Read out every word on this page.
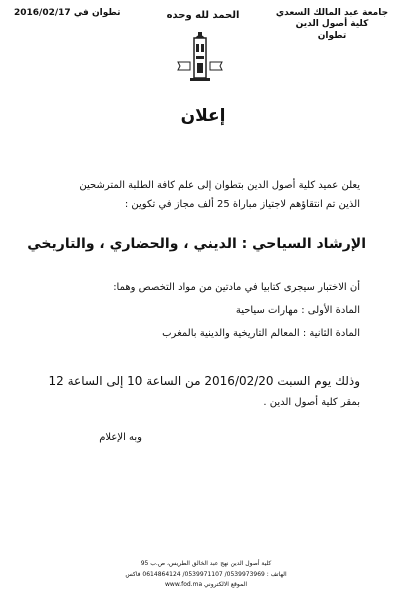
جامعة عبد المالك السعدي
كلية أصول الدين
تطوان
الحمد لله وحده
تطوان في 2016/02/17
إعلان
يعلن عميد كلية أصول الدين بتطوان إلى علم كافة الطلبة المترشحين
الذين تم انتقاؤهم لاجتياز مباراة 25 ألف مجاز في تكوين :
الإرشاد السياحي : الديني ، والحضاري ، والتاريخي
أن الاختبار سيجرى كتابيا في مادتين من مواد التخصص وهما:
المادة الأولى : مهارات سياحية
المادة الثانية : المعالم التاريخية والدينية بالمغرب
وذلك يوم السبت 2016/02/20 من الساعة 10 إلى الساعة 12
بمقر كلية أصول الدين .
وبه الإعلام
كلية أصول الدين نهج عبد الخالق الطريس، ص.ب 95
الهاتف : 0539973969/ 0539971107/ 0614864124 فاكس
الموقع الالكتروني www.fod.ma
